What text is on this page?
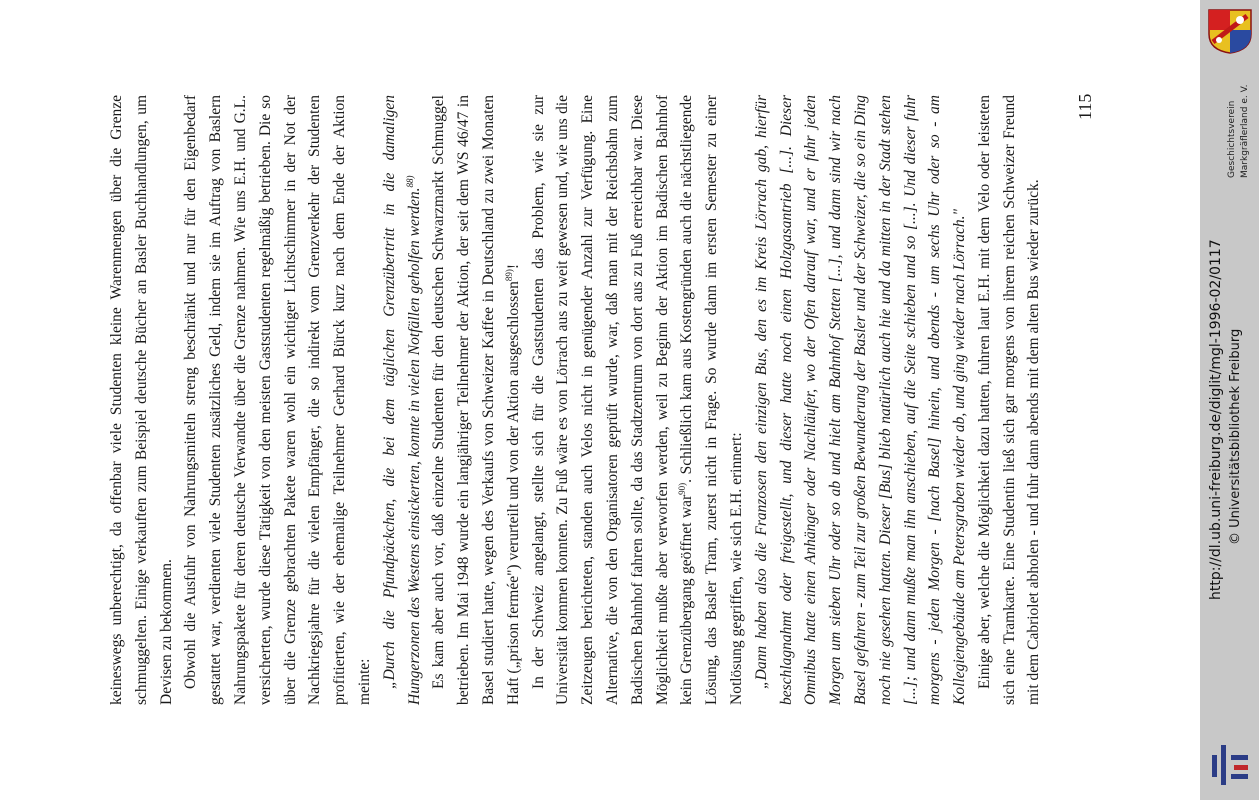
keineswegs unberechtigt, da offenbar viele Studenten kleine Warenmengen über die Grenze schmuggelten. Einige verkauften zum Beispiel deutsche Bücher an Basler Buchhandlungen, um Devisen zu bekommen. Obwohl die Ausfuhr von Nahrungsmitteln streng beschränkt und nur für den Eigenbedarf gestattet war, verdienten viele Studenten zusätzliches Geld, indem sie im Auftrag von Baslern Nahrungspakete für deren deutsche Verwandte über die Grenze nahmen. Wie uns E.H. und G.L. versicherten, wurde diese Tätigkeit von den meisten Gaststudenten regelmäßig betrieben. Die so über die Grenze gebrachten Pakete waren wohl ein wichtiger Lichtschimmer in der Not der Nachkriegsjahre für die vielen Empfänger, die so indirekt vom Grenzverkehr der Studenten profitierten, wie der ehemalige Teilnehmer Gerhard Bürck kurz nach dem Ende der Aktion meinte: „Durch die Pfundpäckchen, die bei dem täglichen Grenzübertritt in die damaligen Hungerzonen des Westens einsickerten, konnte in vielen Notfällen geholfen werden.$^{88)}$	Es kam aber auch vor, daß einzelne Studenten für den deutschen Schwarzmarkt Schmuggel betrieben. Im Mai 1948 wurde ein langjähriger Teilnehmer der Aktion, der seit dem WS 46/47 in Basel studiert hatte, wegen des Verkaufs von Schweizer Kaffee in Deutschland zu zwei Monaten Haft („prison fermée") verurteilt und von der Aktion ausgeschlossen$^{89)}$! In der Schweiz angelangt, stellte sich für die Gaststudenten das Problem, wie sie zur Universität kommen konnten. Zu Fuß wäre es von Lörrach aus zu weit gewesen und, wie uns die Zeitzeugen berichteten, standen auch Velos nicht in genügender Anzahl zur Verfügung. Eine Alternative, die von den Organisatoren geprüft wurde, war, daß man mit der Reichsbahn zum Badischen Bahnhof fahren sollte, da das Stadtzentrum von dort aus zu Fuß erreichbar war. Diese Möglichkeit mußte aber verworfen werden, weil zu Beginn der Aktion im Badischen Bahnhof kein Grenzübergang geöffnet war$^{90)}$. Schließlich kam aus Kostengründen auch die nächstliegende Lösung, das Basler Tram, zuerst nicht in Frage. So wurde dann im ersten Semester zu einer Notlösung gegriffen, wie sich E.H. erinnert: „Dann haben also die Franzosen den einzigen Bus, den es im Kreis Lörrach gab, hierfür beschlagnahmt oder freigestellt, und dieser hatte noch einen Holzgasantrieb [...]. Dieser Omnibus hatte einen Anhänger oder Nachläufer, wo der Ofen darauf war, und er fuhr jeden Morgen um sieben Uhr oder so ab und hielt am Bahnhof Stetten [...], und dann sind wir nach Basel gefahren - zum Teil zur großen Bewunderung der Basler und der Schweizer, die so ein Ding noch nie gesehen hatten. Dieser [Bus] blieb natürlich auch hie und da mitten in der Stadt stehen [...]; und dann mußte man ihn anschieben, auf die Seite schieben und so [...]. Und dieser fuhr morgens - jeden Morgen - [nach Basel] hinein, und abends - um sechs Uhr oder so - am Kollegiengebäude am Petersgraben wieder ab, und ging wieder nach Lörrach." Einige aber, welche die Möglichkeit dazu hatten, fuhren laut E.H. mit dem Velo oder leisteten sich eine Tramkarte. Eine Studentin ließ sich gar morgens von ihrem reichen Schweizer Freund mit dem Cabriolet abholen - und fuhr dann abends mit dem alten Bus wieder zurück.

115	Geschichtsverein Markgräflerland e. V.
© Universitätsbibliothek Freiburg
http://dl.ub.uni-freiburg.de/diglit/mgl-1996-02/0117
